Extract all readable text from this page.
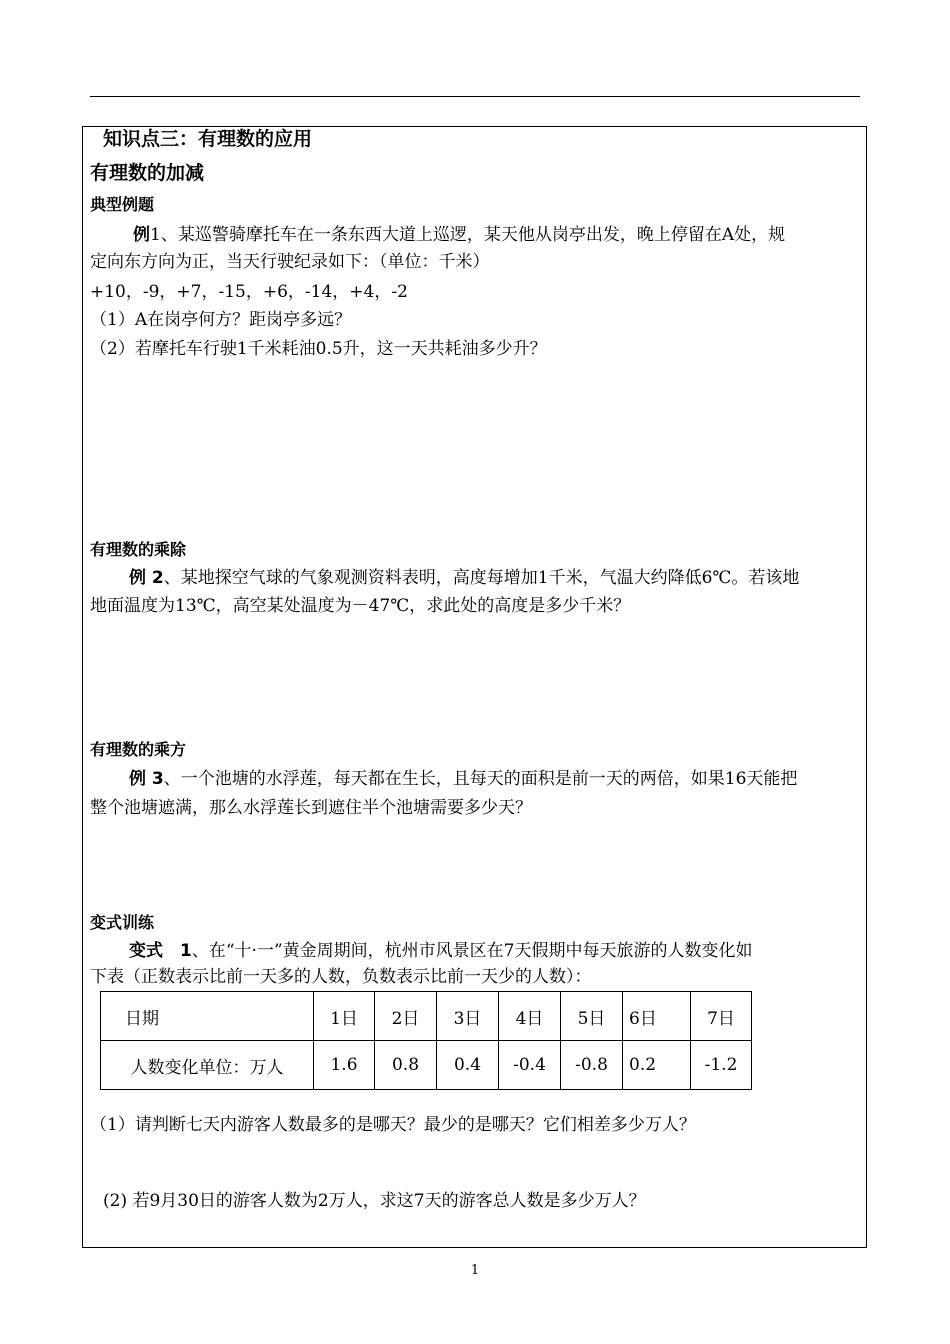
知识点三：有理数的应用
有理数的加减
典型例题
例1、某巡警骑摩托车在一条东西大道上巡逻，某天他从岗亭出发，晚上停留在A处，规
定向东方向为正，当天行驶纪录如下：（单位：千米）
+10，-9，+7，-15，+6，-14，+4，-2
（1）A在岗亭何方？距岗亭多远？
（2）若摩托车行驶1千米耗油0.5升，这一天共耗油多少升？
有理数的乘除
例 2、某地探空气球的气象观测资料表明，高度每增加1千米，气温大约降低6℃。若该地
地面温度为13℃，高空某处温度为－47℃，求此处的高度是多少千米？
有理数的乘方
例 3、一个池塘的水浮莲，每天都在生长，且每天的面积是前一天的两倍，如果16天能把
整个池塘遮满，那么水浮莲长到遮住半个池塘需要多少天？
变式训练
变式　1、在“十·一”黄金周期间，杭州市风景区在7天假期中每天旅游的人数变化如
下表（正数表示比前一天多的人数，负数表示比前一天少的人数）：
日期	1日	2日	3日	4日	5日	6日	7日
人数变化单位：万人	1.6	0.8	0.4	-0.4	-0.8	0.2	-1.2
（1）请判断七天内游客人数最多的是哪天？最少的是哪天？它们相差多少万人？
(2) 若9月30日的游客人数为2万人，求这7天的游客总人数是多少万人？
1
